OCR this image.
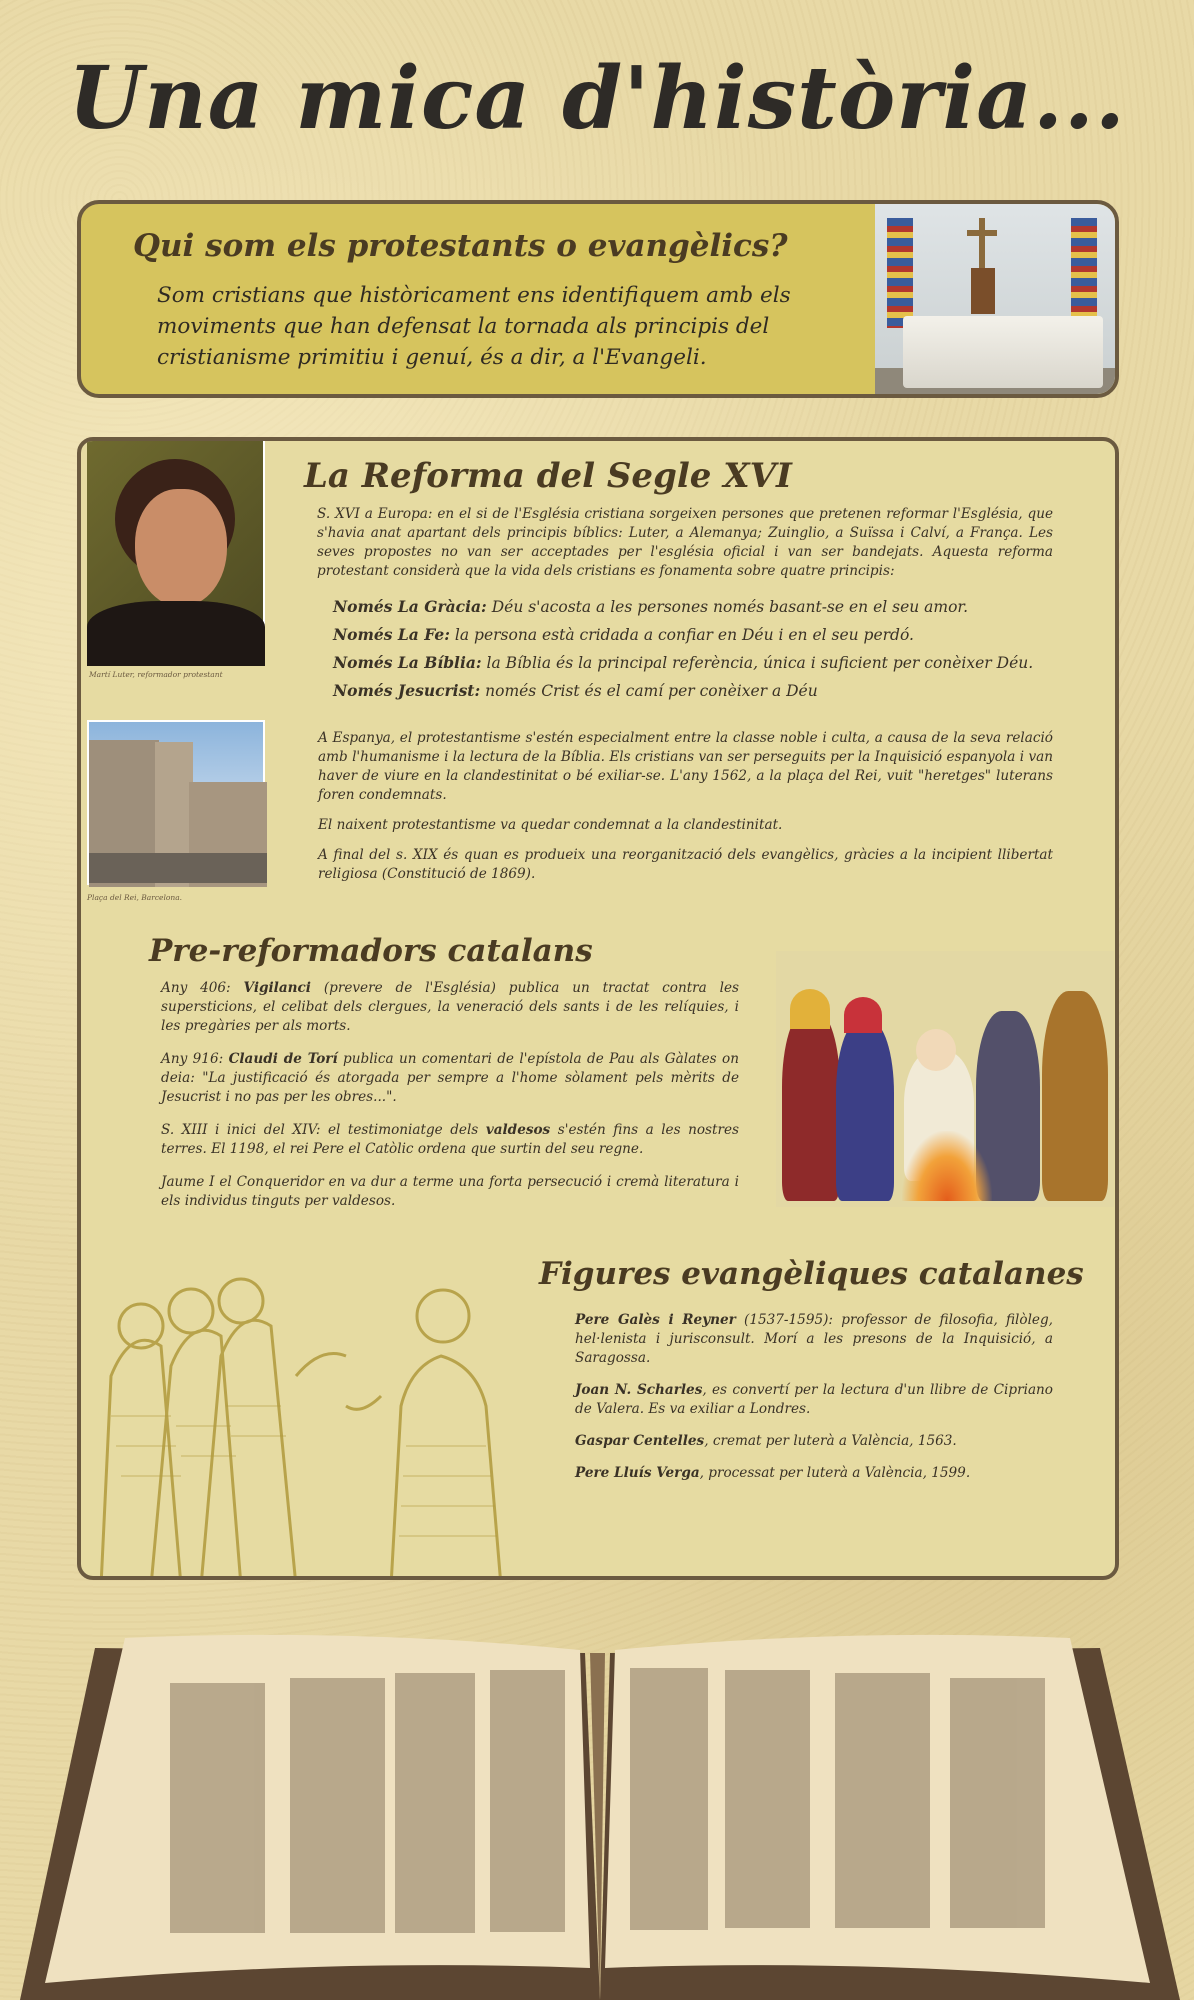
Una mica d'història...
Qui som els protestants o evangèlics?
Som cristians que històricament ens identifiquem amb els moviments que han defensat la tornada als principis del cristianisme primitiu i genuí, és a dir, a l'Evangeli.
Martí Luter, reformador protestant
Plaça del Rei, Barcelona.
La Reforma del Segle XVI
S. XVI a Europa: en el si de l'Església cristiana sorgeixen persones que pretenen reformar l'Església, que s'havia anat apartant dels principis bíblics: Luter, a Alemanya; Zuinglio, a Suïssa i Calví, a França. Les seves propostes no van ser acceptades per l'església oficial i van ser bandejats. Aquesta reforma protestant considerà que la vida dels cristians es fonamenta sobre quatre principis:
Només La Gràcia: Déu s'acosta a les persones només basant-se en el seu amor.
Només La Fe: la persona està cridada a confiar en Déu i en el seu perdó.
Només La Bíblia: la Bíblia és la principal referència, única i suficient per conèixer Déu.
Només Jesucrist: només Crist és el camí per conèixer a Déu

A Espanya, el protestantisme s'estén especialment entre la classe noble i culta, a causa de la seva relació amb l'humanisme i la lectura de la Bíblia. Els cristians van ser perseguits per la Inquisició espanyola i van haver de viure en la clandestinitat o bé exiliar-se. L'any 1562, a la plaça del Rei, vuit "heretges" luterans foren condemnats.

El naixent protestantisme va quedar condemnat a la clandestinitat.

A final del s. XIX és quan es produeix una reorganització dels evangèlics, gràcies a la incipient llibertat religiosa (Constitució de 1869).

Pre-reformadors catalans

Any 406: Vigilanci (prevere de l'Església) publica un tractat contra les supersticions, el celibat dels clergues, la veneració dels sants i de les relíquies, i les pregàries per als morts.

Any 916: Claudi de Torí publica un comentari de l'epístola de Pau als Gàlates on deia: "La justificació és atorgada per sempre a l'home sòlament pels mèrits de Jesucrist i no pas per les obres...".

S. XIII i inici del XIV: el testimoniatge dels valdesos s'estén fins a les nostres terres. El 1198, el rei Pere el Catòlic ordena que surtin del seu regne.

Jaume I el Conqueridor en va dur a terme una forta persecució i cremà literatura i els individus tinguts per valdesos.

Figures evangèliques catalanes

Pere Galès i Reyner (1537-1595): professor de filosofia, filòleg, hel·lenista i jurisconsult. Morí a les presons de la Inquisició, a Saragossa.

Joan N. Scharles, es convertí per la lectura d'un llibre de Cipriano de Valera. Es va exiliar a Londres.

Gaspar Centelles, cremat per luterà a València, 1563.

Pere Lluís Verga, processat per luterà a València, 1599.
